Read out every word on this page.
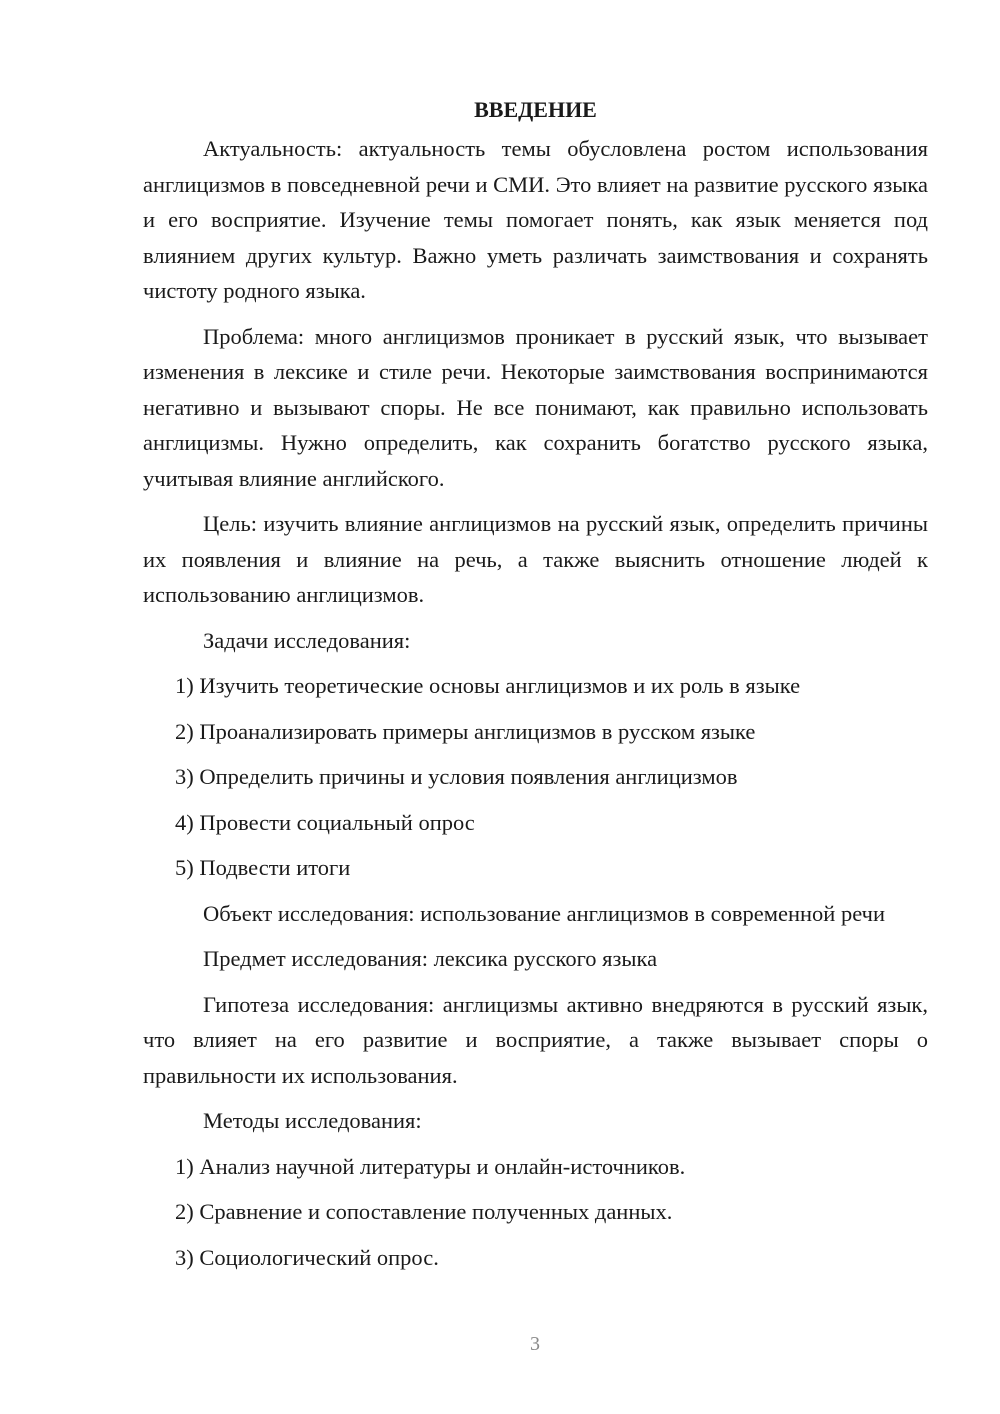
ВВЕДЕНИЕ

Актуальность: актуальность темы обусловлена ростом использования англицизмов в повседневной речи и СМИ. Это влияет на развитие русского языка и его восприятие. Изучение темы помогает понять, как язык меняется под влиянием других культур. Важно уметь различать заимствования и сохранять чистоту родного языка.

Проблема: много англицизмов проникает в русский язык, что вызывает изменения в лексике и стиле речи. Некоторые заимствования воспринимаются негативно и вызывают споры. Не все понимают, как правильно использовать англицизмы. Нужно определить, как сохранить богатство русского языка, учитывая влияние английского.

Цель: изучить влияние англицизмов на русский язык, определить причины их появления и влияние на речь, а также выяснить отношение людей к использованию англицизмов.

Задачи исследования:

1) Изучить теоретические основы англицизмов и их роль в языке
2) Проанализировать примеры англицизмов в русском языке
3) Определить причины и условия появления англицизмов
4) Провести социальный опрос
5) Подвести итоги

Объект исследования: использование англицизмов в современной речи

Предмет исследования: лексика русского языка

Гипотеза исследования: англицизмы активно внедряются в русский язык, что влияет на его развитие и восприятие, а также вызывает споры о правильности их использования.

Методы исследования:

1) Анализ научной литературы и онлайн-источников.
2) Сравнение и сопоставление полученных данных.
3) Социологический опрос.
3
